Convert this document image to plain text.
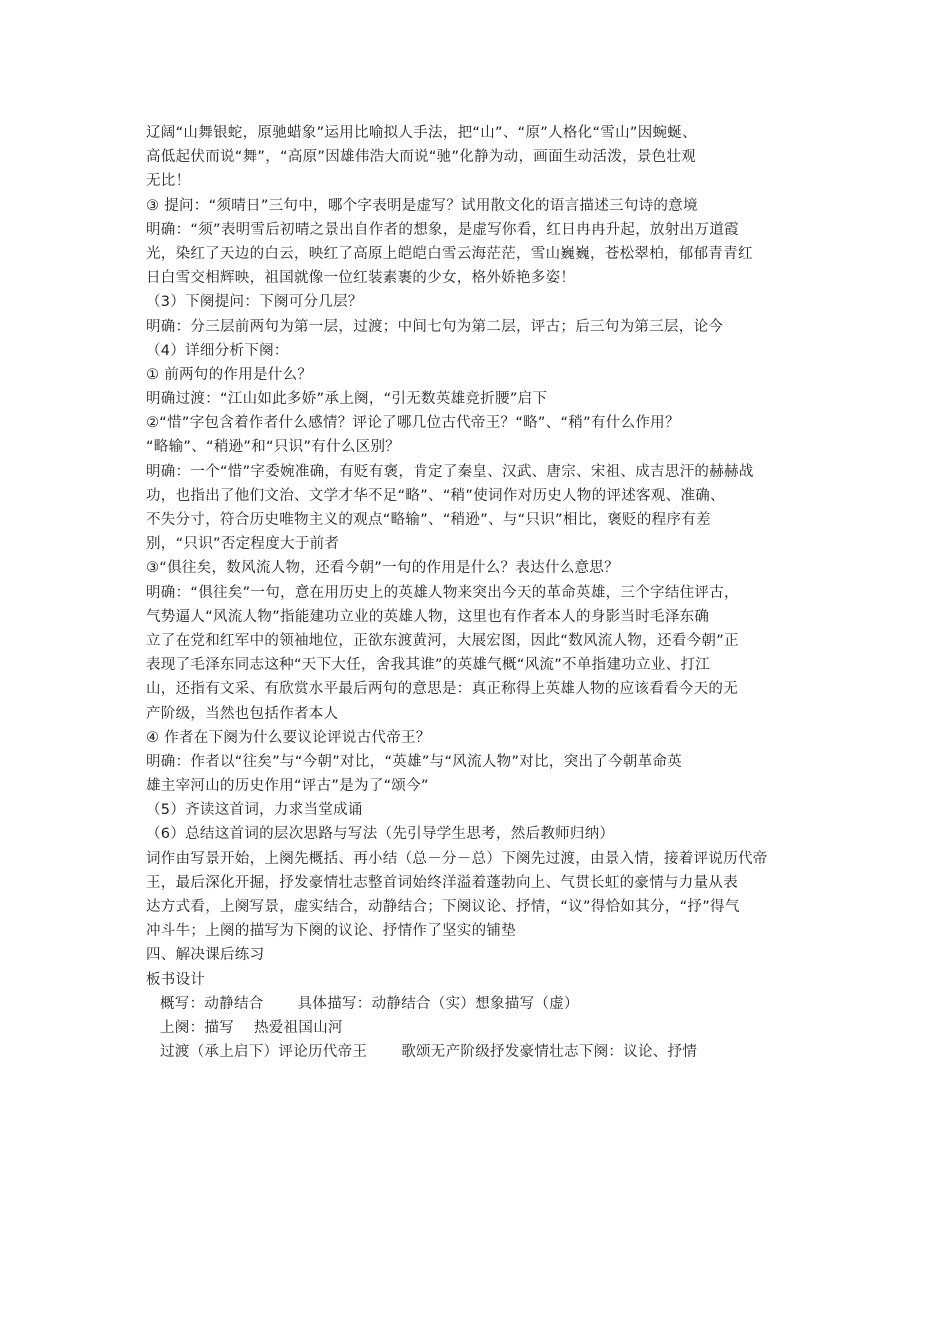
辽阔“山舞银蛇，原驰蜡象”运用比喻拟人手法，把“山”、“原”人格化“雪山”因蜿蜒、
高低起伏而说“舞”，“高原”因雄伟浩大而说“驰”化静为动，画面生动活泼，景色壮观
无比！
③ 提问：“须晴日”三句中，哪个字表明是虚写？试用散文化的语言描述三句诗的意境
明确：“须”表明雪后初晴之景出自作者的想象，是虚写你看，红日冉冉升起，放射出万道霞
光，染红了天边的白云，映红了高原上皑皑白雪云海茫茫，雪山巍巍，苍松翠柏，郁郁青青红
日白雪交相辉映，祖国就像一位红装素裹的少女，格外娇艳多姿！
（3）下阕提问：下阕可分几层？
明确：分三层前两句为第一层，过渡；中间七句为第二层，评古；后三句为第三层，论今
（4）详细分析下阕：
① 前两句的作用是什么？
明确过渡：“江山如此多娇”承上阕，“引无数英雄竞折腰”启下
②“惜”字包含着作者什么感情？评论了哪几位古代帝王？“略”、“稍”有什么作用？
“略输”、“稍逊”和“只识”有什么区别？
明确：一个“惜”字委婉准确，有贬有褒，肯定了秦皇、汉武、唐宗、宋祖、成吉思汗的赫赫战
功，也指出了他们文治、文学才华不足“略”、“稍”使词作对历史人物的评述客观、准确、
不失分寸，符合历史唯物主义的观点“略输”、“稍逊”、与“只识”相比，褒贬的程序有差
别，“只识”否定程度大于前者
③“俱往矣，数风流人物，还看今朝”一句的作用是什么？表达什么意思？
明确：“俱往矣”一句，意在用历史上的英雄人物来突出今天的革命英雄，三个字结住评古，
气势逼人“风流人物”指能建功立业的英雄人物，这里也有作者本人的身影当时毛泽东确
立了在党和红军中的领袖地位，正欲东渡黄河，大展宏图，因此“数风流人物，还看今朝”正
表现了毛泽东同志这种“天下大任，舍我其谁”的英雄气概“风流”不单指建功立业、打江
山，还指有文采、有欣赏水平最后两句的意思是：真正称得上英雄人物的应该看看今天的无
产阶级，当然也包括作者本人
④ 作者在下阕为什么要议论评说古代帝王？
明确：作者以“往矣”与“今朝”对比，“英雄”与“风流人物”对比，突出了今朝革命英
雄主宰河山的历史作用“评古”是为了“颂今”
（5）齐读这首词，力求当堂成诵
（6）总结这首词的层次思路与写法（先引导学生思考，然后教师归纳）
词作由写景开始，上阕先概括、再小结（总－分－总）下阕先过渡，由景入情，接着评说历代帝
王，最后深化开掘，抒发豪情壮志整首词始终洋溢着蓬勃向上、气贯长虹的豪情与力量从表
达方式看，上阕写景，虚实结合，动静结合；下阕议论、抒情，“议”得恰如其分，“抒”得气
冲斗牛；上阕的描写为下阕的议论、抒情作了坚实的铺垫
四、解决课后练习
板书设计
概写：动静结合 具体描写：动静结合（实）想象描写（虚）
上阕：描写 热爱祖国山河
过渡（承上启下）评论历代帝王 歌颂无产阶级抒发豪情壮志下阕：议论、抒情
